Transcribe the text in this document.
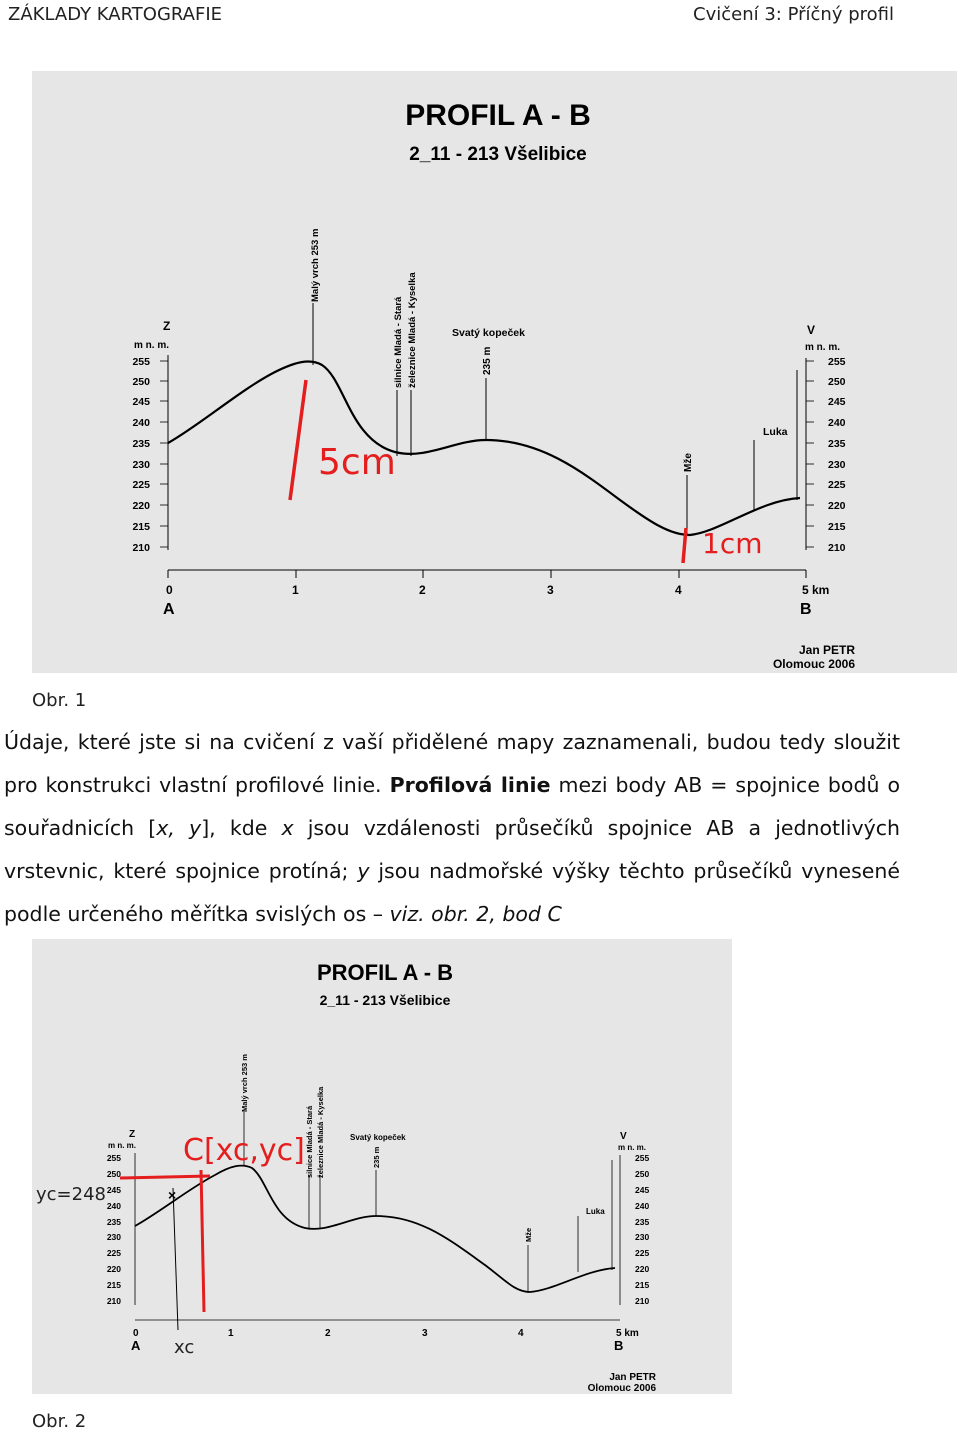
ZÁKLADY KARTOGRAFIE	Cvičení 3: Příčný profil
PROFIL A - B
2_11 - 213 Všelibice
Z
m n. m.
255
250
245
240
235
230
225
220
215
210
V
m n. m.
255
250
245
240
235
230
225
220
215
210
0	1	2	3	4	5 km
A	B
Malý vrch 253 m
silnice Mladá - Stará železnice Mladá - Kyselka	Svatý kopeček
235 m
Mže
Luka
5cm
1cm
Jan PETR
Olomouc 2006
Obr. 1
Údaje, které jste si na cvičení z vaší přidělené mapy zaznamenali, budou tedy sloužit pro konstrukci vlastní profilové linie. Profilová linie mezi body AB = spojnice bodů o souřadnicích [x, y], kde x jsou vzdálenosti průsečíků spojnice AB a jednotlivých vrstevnic, které spojnice protíná; y jsou nadmořské výšky těchto průsečíků vynesené podle určeného měřítka svislých os – viz. obr. 2, bod C
PROFIL A - B
2_11 - 213 Všelibice
Z
m n. m.
255
250
245
240
235
230
225
220
215
210
V
m n. m.
255
250
245
240
235
230
225
220
215
210
0	1	2	3	4	5 km
A	B
Malý vrch 253 m
silnice Mladá - Stará železnice Mladá - Kyselka	Svatý kopeček
235 m
Mže
Luka
C[xc,yc]
yc=248
xc
×
Jan PETR
Olomouc 2006
Obr. 2
